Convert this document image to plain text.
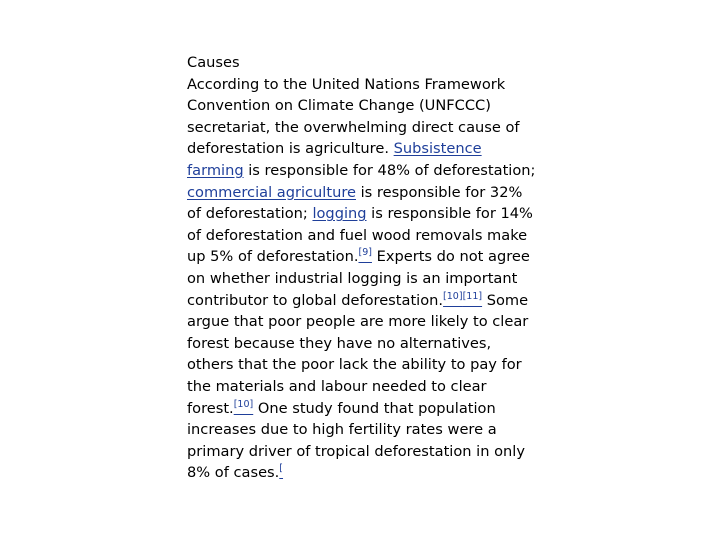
Causes
According to the United Nations Framework Convention on Climate Change (UNFCCC) secretariat, the overwhelming direct cause of deforestation is agriculture. Subsistence farming is responsible for 48% of deforestation; commercial agriculture is responsible for 32% of deforestation; logging is responsible for 14% of deforestation and fuel wood removals make up 5% of deforestation.[9] Experts do not agree on whether industrial logging is an important contributor to global deforestation.[10][11] Some argue that poor people are more likely to clear forest because they have no alternatives, others that the poor lack the ability to pay for the materials and labour needed to clear forest.[10] One study found that population increases due to high fertility rates were a primary driver of tropical deforestation in only 8% of cases.[
